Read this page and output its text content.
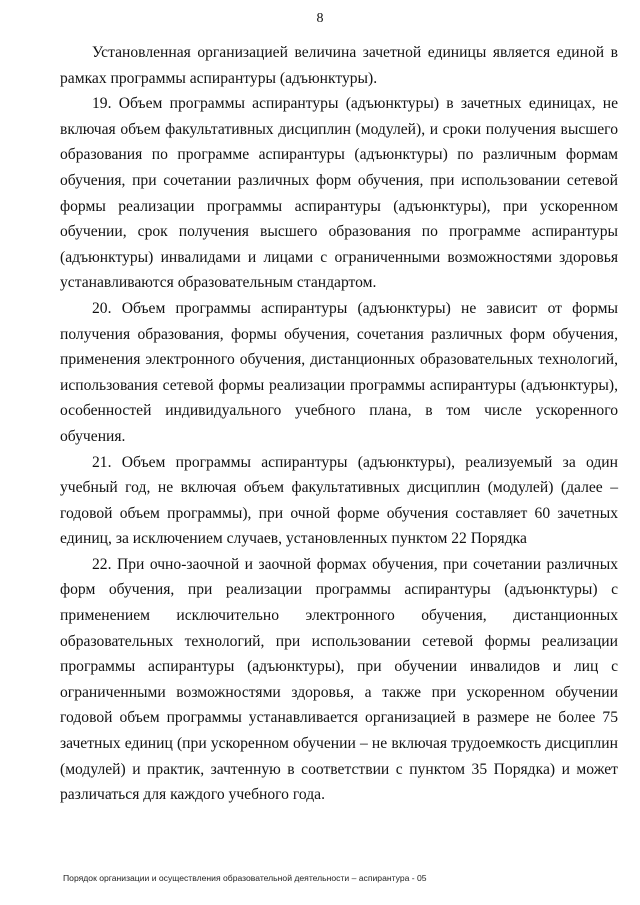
8

Установленная организацией величина зачетной единицы является единой в рамках программы аспирантуры (адъюнктуры).

19. Объем программы аспирантуры (адъюнктуры) в зачетных единицах, не включая объем факультативных дисциплин (модулей), и сроки получения высшего образования по программе аспирантуры (адъюнктуры) по различным формам обучения, при сочетании различных форм обучения, при использовании сетевой формы реализации программы аспирантуры (адъюнктуры), при ускоренном обучении, срок получения высшего образования по программе аспирантуры (адъюнктуры) инвалидами и лицами с ограниченными возможностями здоровья устанавливаются образовательным стандартом.

20. Объем программы аспирантуры (адъюнктуры) не зависит от формы получения образования, формы обучения, сочетания различных форм обучения, применения электронного обучения, дистанционных образовательных технологий, использования сетевой формы реализации программы аспирантуры (адъюнктуры), особенностей индивидуального учебного плана, в том числе ускоренного обучения.

21. Объем программы аспирантуры (адъюнктуры), реализуемый за один учебный год, не включая объем факультативных дисциплин (модулей) (далее – годовой объем программы), при очной форме обучения составляет 60 зачетных единиц, за исключением случаев, установленных пунктом 22 Порядка

22. При очно-заочной и заочной формах обучения, при сочетании различных форм обучения, при реализации программы аспирантуры (адъюнктуры) с применением исключительно электронного обучения, дистанционных образовательных технологий, при использовании сетевой формы реализации программы аспирантуры (адъюнктуры), при обучении инвалидов и лиц с ограниченными возможностями здоровья, а также при ускоренном обучении годовой объем программы устанавливается организацией в размере не более 75 зачетных единиц (при ускоренном обучении – не включая трудоемкость дисциплин (модулей) и практик, зачтенную в соответствии с пунктом 35 Порядка) и может различаться для каждого учебного года.

Порядок организации и осуществления образовательной деятельности – аспирантура - 05
